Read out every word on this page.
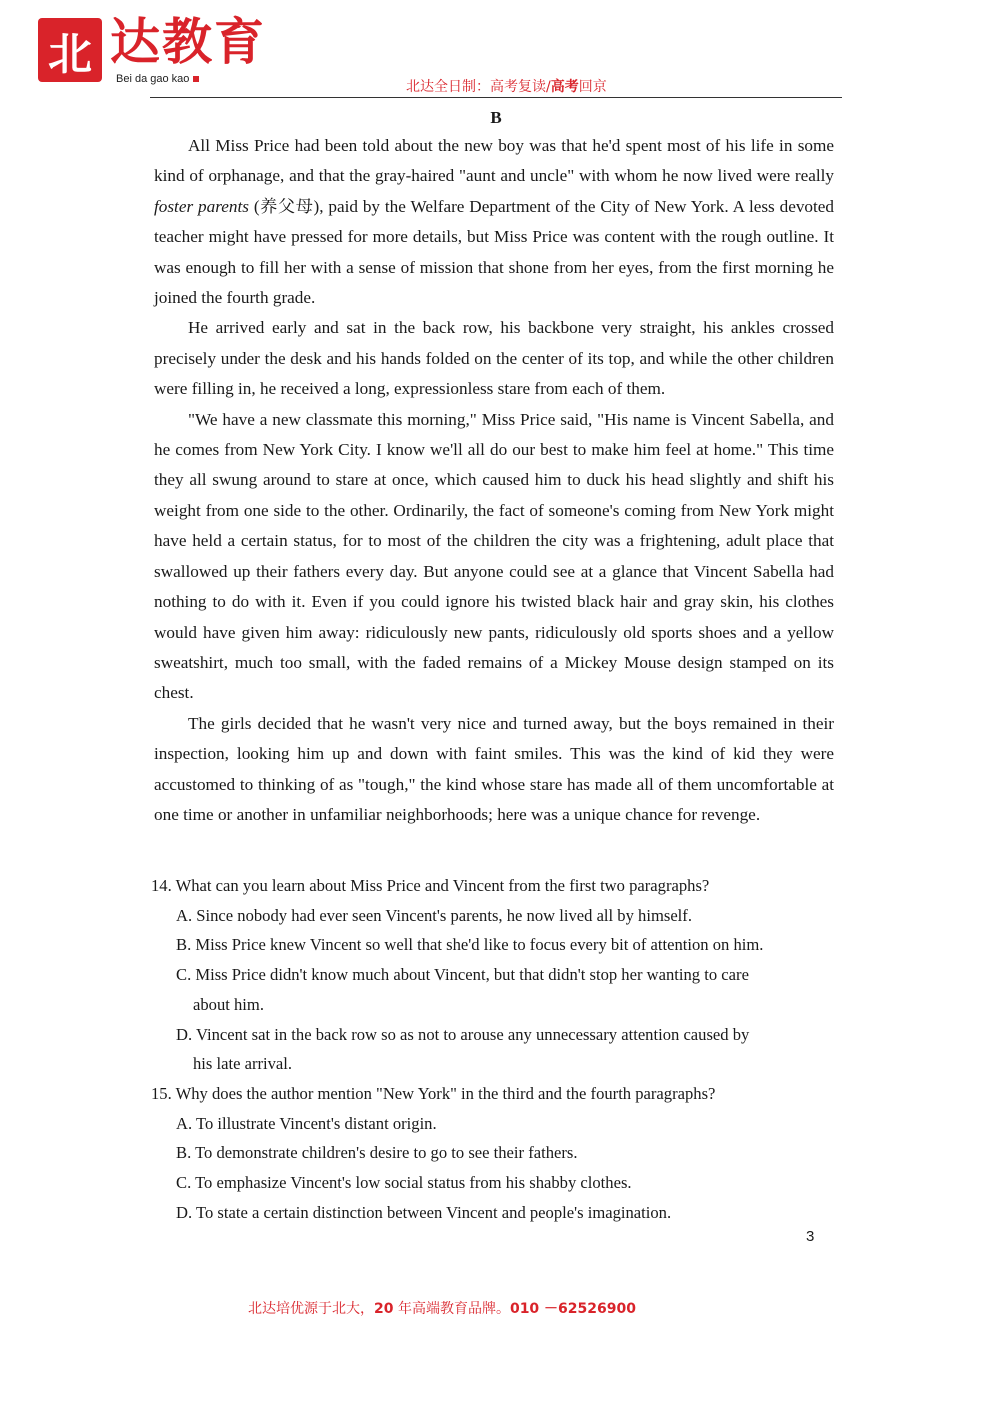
北 达教育
Bei da gao kao	北达全日制：高考复读/高考回京
B

All Miss Price had been told about the new boy was that he'd spent most of his life in some kind of orphanage, and that the gray-haired "aunt and uncle" with whom he now lived were really foster parents (养父母), paid by the Welfare Department of the City of New York. A less devoted teacher might have pressed for more details, but Miss Price was content with the rough outline. It was enough to fill her with a sense of mission that shone from her eyes, from the first morning he joined the fourth grade.

He arrived early and sat in the back row, his backbone very straight, his ankles crossed precisely under the desk and his hands folded on the center of its top, and while the other children were filling in, he received a long, expressionless stare from each of them.

"We have a new classmate this morning," Miss Price said, "His name is Vincent Sabella, and he comes from New York City. I know we'll all do our best to make him feel at home." This time they all swung around to stare at once, which caused him to duck his head slightly and shift his weight from one side to the other. Ordinarily, the fact of someone's coming from New York might have held a certain status, for to most of the children the city was a frightening, adult place that swallowed up their fathers every day. But anyone could see at a glance that Vincent Sabella had nothing to do with it. Even if you could ignore his twisted black hair and gray skin, his clothes would have given him away: ridiculously new pants, ridiculously old sports shoes and a yellow sweatshirt, much too small, with the faded remains of a Mickey Mouse design stamped on its chest.

The girls decided that he wasn't very nice and turned away, but the boys remained in their inspection, looking him up and down with faint smiles. This was the kind of kid they were accustomed to thinking of as "tough," the kind whose stare has made all of them uncomfortable at one time or another in unfamiliar neighborhoods; here was a unique chance for revenge.

14. What can you learn about Miss Price and Vincent from the first two paragraphs?

A. Since nobody had ever seen Vincent's parents, he now lived all by himself.

B. Miss Price knew Vincent so well that she'd like to focus every bit of attention on him.

C. Miss Price didn't know much about Vincent, but that didn't stop her wanting to care

about him.

D. Vincent sat in the back row so as not to arouse any unnecessary attention caused by

his late arrival.

15. Why does the author mention "New York" in the third and the fourth paragraphs?

A. To illustrate Vincent's distant origin.

B. To demonstrate children's desire to go to see their fathers.

C. To emphasize Vincent's low social status from his shabby clothes.

D. To state a certain distinction between Vincent and people's imagination.

3
北达培优源于北大，20 年高端教育品牌。010 －62526900
